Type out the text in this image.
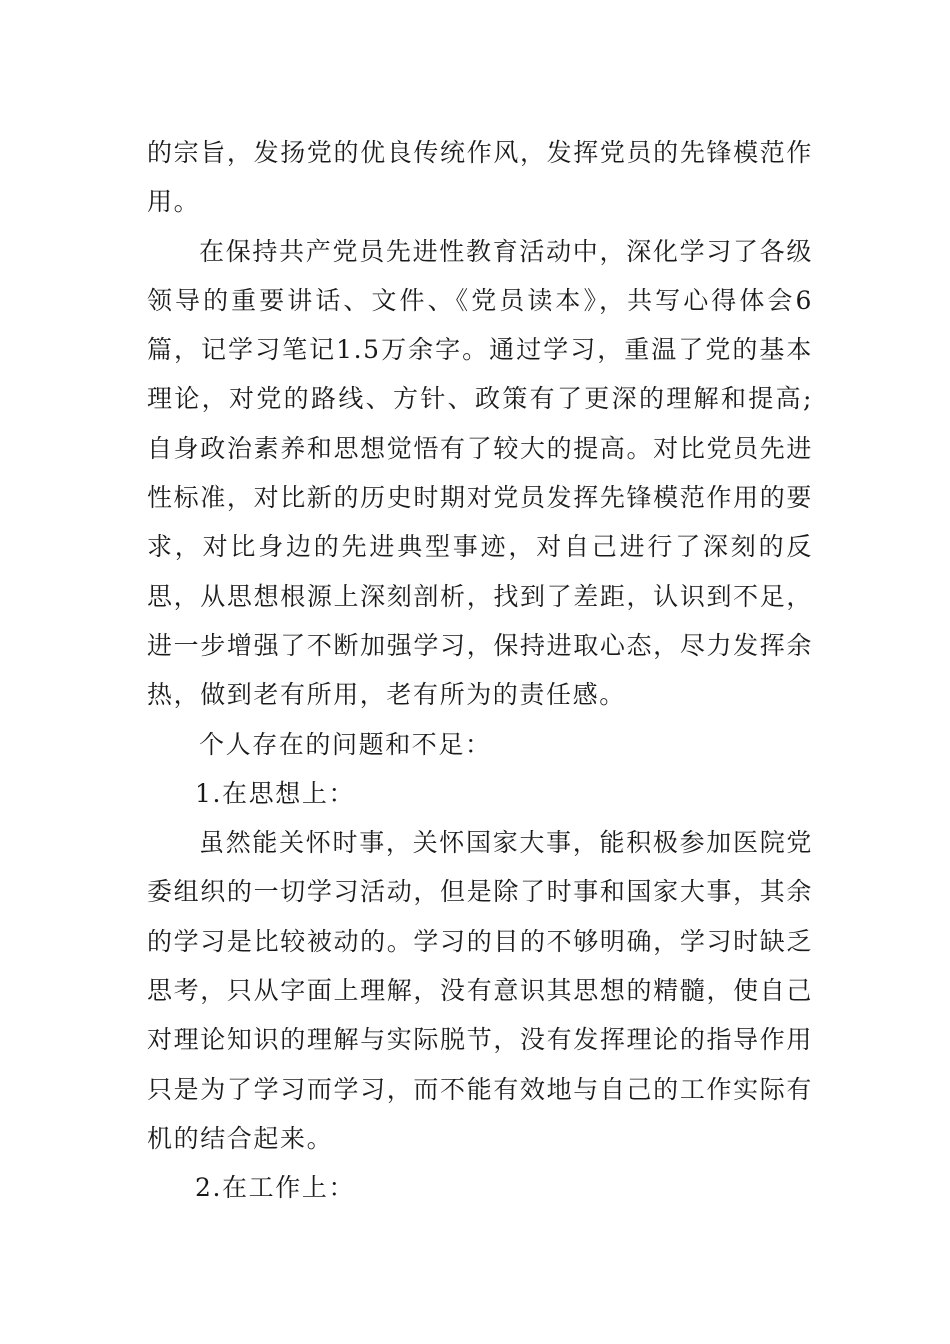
的宗旨，发扬党的优良传统作风，发挥党员的先锋模范作用。

在保持共产党员先进性教育活动中，深化学习了各级领导的重要讲话、文件、《党员读本》，共写心得体会6篇，记学习笔记1.5万余字。通过学习，重温了党的基本理论，对党的路线、方针、政策有了更深的理解和提高;自身政治素养和思想觉悟有了较大的提高。对比党员先进性标准，对比新的历史时期对党员发挥先锋模范作用的要求，对比身边的先进典型事迹，对自己进行了深刻的反思，从思想根源上深刻剖析，找到了差距，认识到不足，进一步增强了不断加强学习，保持进取心态，尽力发挥余热，做到老有所用，老有所为的责任感。

个人存在的问题和不足：

1.在思想上：

虽然能关怀时事，关怀国家大事，能积极参加医院党委组织的一切学习活动，但是除了时事和国家大事，其余的学习是比较被动的。学习的目的不够明确，学习时缺乏思考，只从字面上理解，没有意识其思想的精髓，使自己对理论知识的理解与实际脱节，没有发挥理论的指导作用只是为了学习而学习，而不能有效地与自己的工作实际有机的结合起来。

2.在工作上：
